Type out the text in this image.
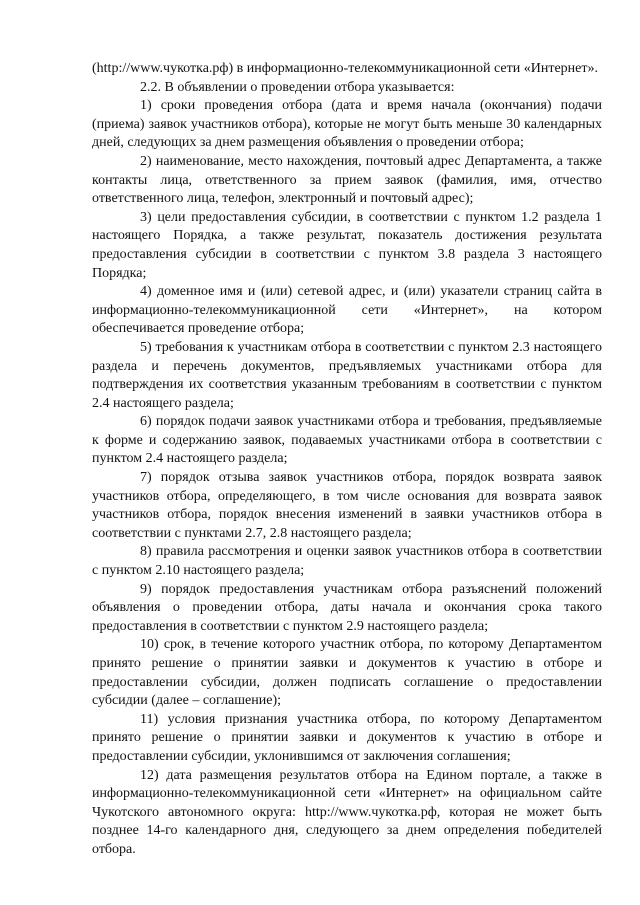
(http://www.чукотка.рф) в информационно-телекоммуникационной сети «Интернет».

2.2. В объявлении о проведении отбора указывается:

1) сроки проведения отбора (дата и время начала (окончания) подачи (приема) заявок участников отбора), которые не могут быть меньше 30 календарных дней, следующих за днем размещения объявления о проведении отбора;

2) наименование, место нахождения, почтовый адрес Департамента, а также контакты лица, ответственного за прием заявок (фамилия, имя, отчество ответственного лица, телефон, электронный и почтовый адрес);

3) цели предоставления субсидии, в соответствии с пунктом 1.2 раздела 1 настоящего Порядка, а также результат, показатель достижения результата предоставления субсидии в соответствии с пунктом 3.8 раздела 3 настоящего Порядка;

4) доменное имя и (или) сетевой адрес, и (или) указатели страниц сайта в информационно-телекоммуникационной сети «Интернет», на котором обеспечивается проведение отбора;

5) требования к участникам отбора в соответствии с пунктом 2.3 настоящего раздела и перечень документов, предъявляемых участниками отбора для подтверждения их соответствия указанным требованиям в соответствии с пунктом 2.4 настоящего раздела;

6) порядок подачи заявок участниками отбора и требования, предъявляемые к форме и содержанию заявок, подаваемых участниками отбора в соответствии с пунктом 2.4 настоящего раздела;

7) порядок отзыва заявок участников отбора, порядок возврата заявок участников отбора, определяющего, в том числе основания для возврата заявок участников отбора, порядок внесения изменений в заявки участников отбора в соответствии с пунктами 2.7, 2.8 настоящего раздела;

8) правила рассмотрения и оценки заявок участников отбора в соответствии с пунктом 2.10 настоящего раздела;

9) порядок предоставления участникам отбора разъяснений положений объявления о проведении отбора, даты начала и окончания срока такого предоставления в соответствии с пунктом 2.9 настоящего раздела;

10) срок, в течение которого участник отбора, по которому Департаментом принято решение о принятии заявки и документов к участию в отборе и предоставлении субсидии, должен подписать соглашение о предоставлении субсидии (далее – соглашение);

11) условия признания участника отбора, по которому Департаментом принято решение о принятии заявки и документов к участию в отборе и предоставлении субсидии, уклонившимся от заключения соглашения;

12) дата размещения результатов отбора на Едином портале, а также в информационно-телекоммуникационной сети «Интернет» на официальном сайте Чукотского автономного округа: http://www.чукотка.рф, которая не может быть позднее 14-го календарного дня, следующего за днем определения победителей отбора.
